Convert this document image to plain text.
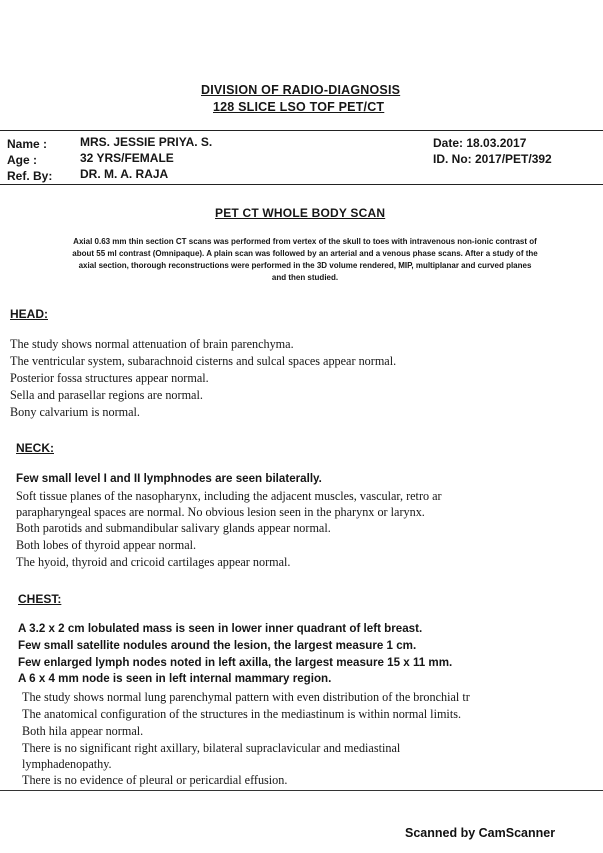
DIVISION OF RADIO-DIAGNOSIS
128 SLICE LSO TOF PET/CT
Name :	MRS. JESSIE PRIYA. S.
Age :	32 YRS/FEMALE
Ref. By: DR. M. A. RAJA
Date: 18.03.2017
ID. No: 2017/PET/392
PET CT WHOLE BODY SCAN
Axial 0.63 mm thin section CT scans was performed from vertex of the skull to toes with intravenous non-ionic contrast of
about 55 ml contrast (Omnipaque). A plain scan was followed by an arterial and a venous phase scans. After a study of the
axial section, thorough reconstructions were performed in the 3D volume rendered, MIP, multiplanar and curved planes
and then studied.
HEAD:
The study shows normal attenuation of brain parenchyma.
The ventricular system, subarachnoid cisterns and sulcal spaces appear normal.
Posterior fossa structures appear normal.
Sella and parasellar regions are normal.
Bony calvarium is normal.
NECK:
Few small level I and II lymphnodes are seen bilaterally.
Soft tissue planes of the nasopharynx, including the adjacent muscles, vascular, retro ar
parapharyngeal spaces are normal. No obvious lesion seen in the pharynx or larynx.
Both parotids and submandibular salivary glands appear normal.
Both lobes of thyroid appear normal.
The hyoid, thyroid and cricoid cartilages appear normal.
CHEST:
A 3.2 x 2 cm lobulated mass is seen in lower inner quadrant of left breast.
Few small satellite nodules around the lesion, the largest measure 1 cm.
Few enlarged lymph nodes noted in left axilla, the largest measure 15 x 11 mm.
A 6 x 4 mm node is seen in left internal mammary region.
The study shows normal lung parenchymal pattern with even distribution of the bronchial tr
The anatomical configuration of the structures in the mediastinum is within normal limits.
Both hila appear normal.
There is no significant right axillary, bilateral supraclavicular and mediastinal
lymphadenopathy.
There is no evidence of pleural or pericardial effusion.
Scanned by CamScanner
